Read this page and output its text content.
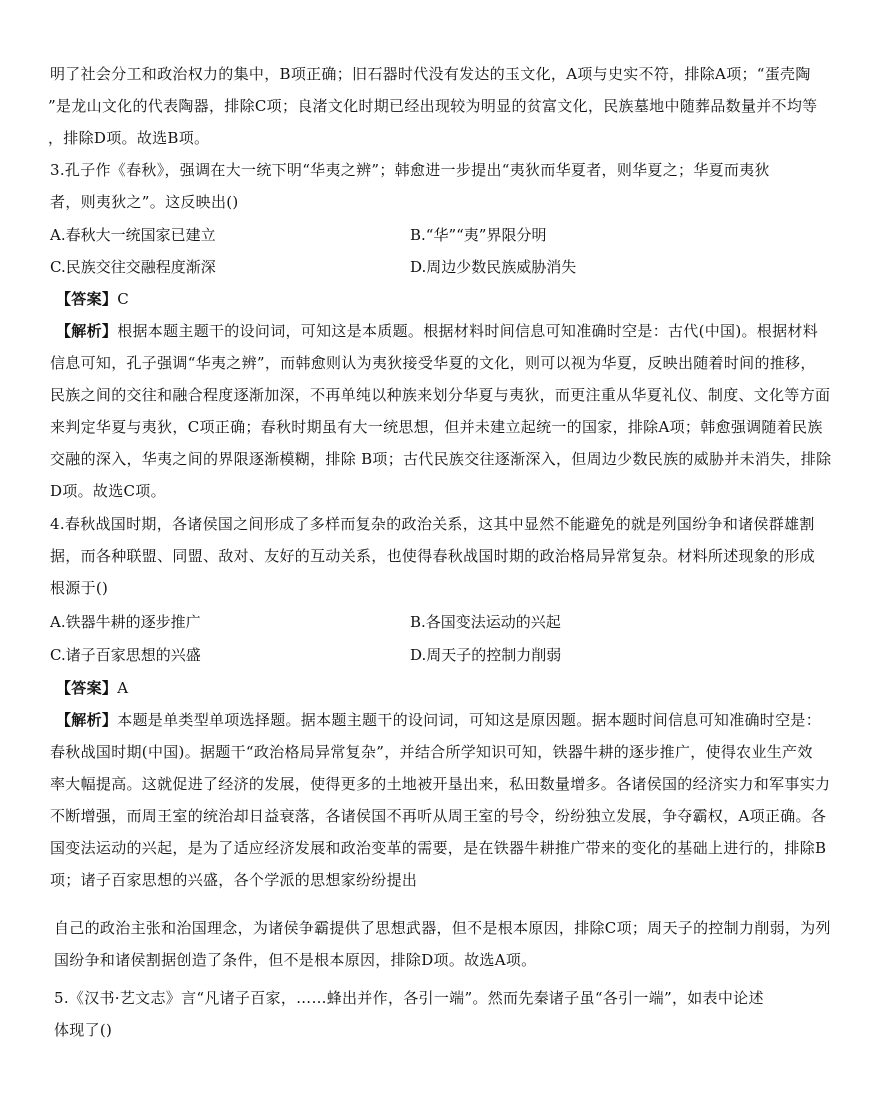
明了社会分工和政治权力的集中，B项正确；旧石器时代没有发达的玉文化，A项与史实不符，排除A项；“蛋壳陶
”是龙山文化的代表陶器，排除C项；良渚文化时期已经出现较为明显的贫富文化，民族墓地中随葬品数量并不均等
，排除D项。故选B项。
3.孔子作《春秋》，强调在大一统下明“华夷之辨”；韩愈进一步提出“夷狄而华夏者，则华夏之；华夏而夷狄
者，则夷狄之”。这反映出()
A.春秋大一统国家已建立	B.“华”“夷”界限分明
C.民族交往交融程度渐深	D.周边少数民族威胁消失
【答案】C
【解析】根据本题主题干的设问词，可知这是本质题。根据材料时间信息可知准确时空是：古代(中国)。根据材料
信息可知，孔子强调“华夷之辨”，而韩愈则认为夷狄接受华夏的文化，则可以视为华夏，反映出随着时间的推移，
民族之间的交往和融合程度逐渐加深，不再单纯以种族来划分华夏与夷狄，而更注重从华夏礼仪、制度、文化等方面
来判定华夏与夷狄，C项正确；春秋时期虽有大一统思想，但并未建立起统一的国家，排除A项；韩愈强调随着民族
交融的深入，华夷之间的界限逐渐模糊，排除 B项；古代民族交往逐渐深入，但周边少数民族的威胁并未消失，排除
D项。故选C项。
4.春秋战国时期，各诸侯国之间形成了多样而复杂的政治关系，这其中显然不能避免的就是列国纷争和诸侯群雄割
据，而各种联盟、同盟、敌对、友好的互动关系，也使得春秋战国时期的政治格局异常复杂。材料所述现象的形成
根源于()
A.铁器牛耕的逐步推广	B.各国变法运动的兴起
C.诸子百家思想的兴盛	D.周天子的控制力削弱
【答案】A
【解析】本题是单类型单项选择题。据本题主题干的设问词，可知这是原因题。据本题时间信息可知准确时空是：
春秋战国时期(中国)。据题干“政治格局异常复杂”，并结合所学知识可知，铁器牛耕的逐步推广，使得农业生产效
率大幅提高。这就促进了经济的发展，使得更多的土地被开垦出来，私田数量增多。各诸侯国的经济实力和军事实力
不断增强，而周王室的统治却日益衰落，各诸侯国不再听从周王室的号令，纷纷独立发展，争夺霸权，A项正确。各
国变法运动的兴起，是为了适应经济发展和政治变革的需要，是在铁器牛耕推广带来的变化的基础上进行的，排除B
项；诸子百家思想的兴盛，各个学派的思想家纷纷提出
自己的政治主张和治国理念，为诸侯争霸提供了思想武器，但不是根本原因，排除C项；周天子的控制力削弱，为列
国纷争和诸侯割据创造了条件，但不是根本原因，排除D项。故选A项。
5.《汉书·艺文志》言“凡诸子百家，……蜂出并作，各引一端”。然而先秦诸子虽“各引一端”，如表中论述
体现了()
